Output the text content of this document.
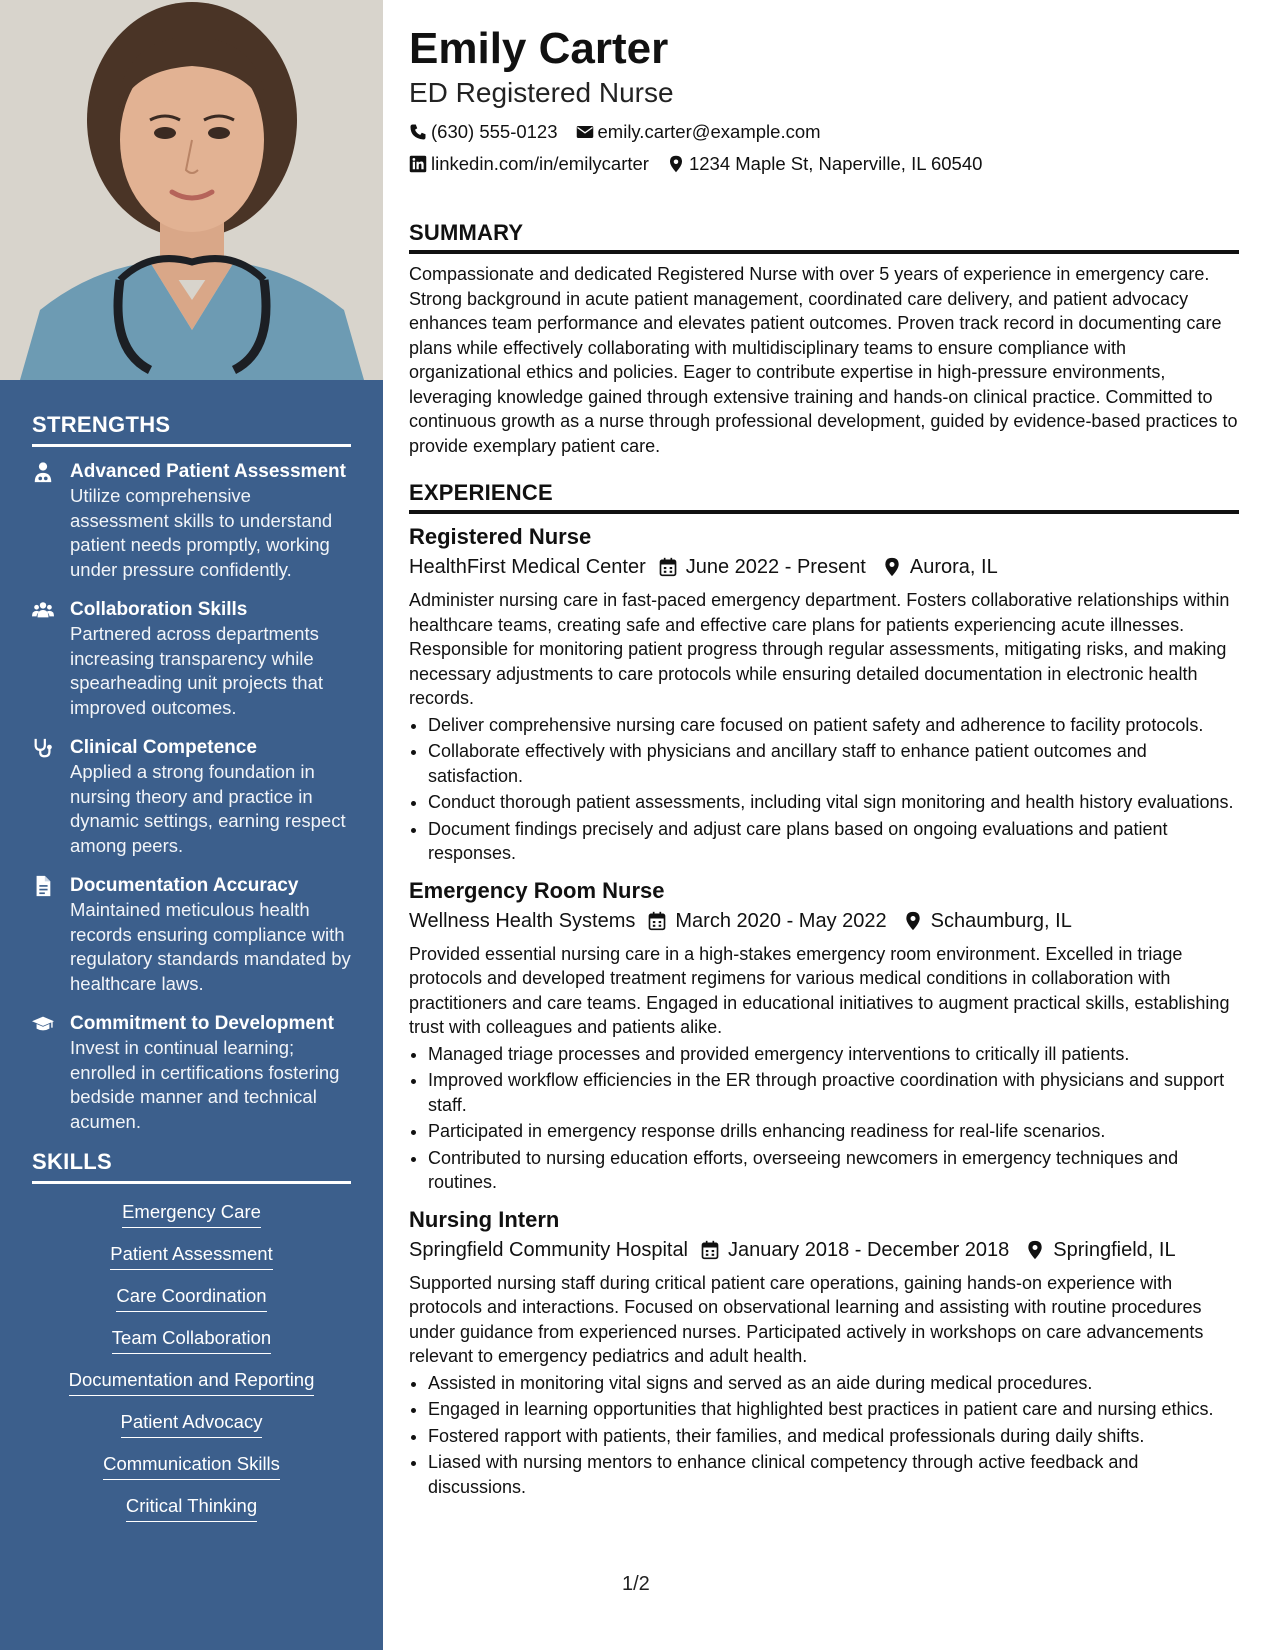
STRENGTHS
Advanced Patient Assessment
Utilize comprehensive assessment skills to understand patient needs promptly, working under pressure confidently.
Collaboration Skills
Partnered across departments increasing transparency while spearheading unit projects that improved outcomes.
Clinical Competence
Applied a strong foundation in nursing theory and practice in dynamic settings, earning respect among peers.
Documentation Accuracy
Maintained meticulous health records ensuring compliance with regulatory standards mandated by healthcare laws.
Commitment to Development
Invest in continual learning; enrolled in certifications fostering bedside manner and technical acumen.
SKILLS
Emergency Care
Patient Assessment
Care Coordination
Team Collaboration
Documentation and Reporting
Patient Advocacy
Communication Skills
Critical Thinking
Emily Carter
ED Registered Nurse
(630) 555-0123 emily.carter@example.com
linkedin.com/in/emilycarter 1234 Maple St, Naperville, IL 60540
SUMMARY

Compassionate and dedicated Registered Nurse with over 5 years of experience in emergency care. Strong background in acute patient management, coordinated care delivery, and patient advocacy enhances team performance and elevates patient outcomes. Proven track record in documenting care plans while effectively collaborating with multidisciplinary teams to ensure compliance with organizational ethics and policies. Eager to contribute expertise in high-pressure environments, leveraging knowledge gained through extensive training and hands-on clinical practice. Committed to continuous growth as a nurse through professional development, guided by evidence-based practices to provide exemplary patient care.

EXPERIENCE
Registered Nurse
HealthFirst Medical Center June 2022 - Present Aurora, IL

Administer nursing care in fast-paced emergency department. Fosters collaborative relationships within healthcare teams, creating safe and effective care plans for patients experiencing acute illnesses. Responsible for monitoring patient progress through regular assessments, mitigating risks, and making necessary adjustments to care protocols while ensuring detailed documentation in electronic health records.

• Deliver comprehensive nursing care focused on patient safety and adherence to facility protocols.
• Collaborate effectively with physicians and ancillary staff to enhance patient outcomes and satisfaction.
• Conduct thorough patient assessments, including vital sign monitoring and health history evaluations.
• Document findings precisely and adjust care plans based on ongoing evaluations and patient responses.
Emergency Room Nurse
Wellness Health Systems March 2020 - May 2022 Schaumburg, IL

Provided essential nursing care in a high-stakes emergency room environment. Excelled in triage protocols and developed treatment regimens for various medical conditions in collaboration with practitioners and care teams. Engaged in educational initiatives to augment practical skills, establishing trust with colleagues and patients alike.

• Managed triage processes and provided emergency interventions to critically ill patients.
• Improved workflow efficiencies in the ER through proactive coordination with physicians and support staff.
• Participated in emergency response drills enhancing readiness for real-life scenarios.
• Contributed to nursing education efforts, overseeing newcomers in emergency techniques and routines.
Nursing Intern
Springfield Community Hospital January 2018 - December 2018 Springfield, IL

Supported nursing staff during critical patient care operations, gaining hands-on experience with protocols and interactions. Focused on observational learning and assisting with routine procedures under guidance from experienced nurses. Participated actively in workshops on care advancements relevant to emergency pediatrics and adult health.

• Assisted in monitoring vital signs and served as an aide during medical procedures.
• Engaged in learning opportunities that highlighted best practices in patient care and nursing ethics.
• Fostered rapport with patients, their families, and medical professionals during daily shifts.
• Liased with nursing mentors to enhance clinical competency through active feedback and discussions.
1/2
